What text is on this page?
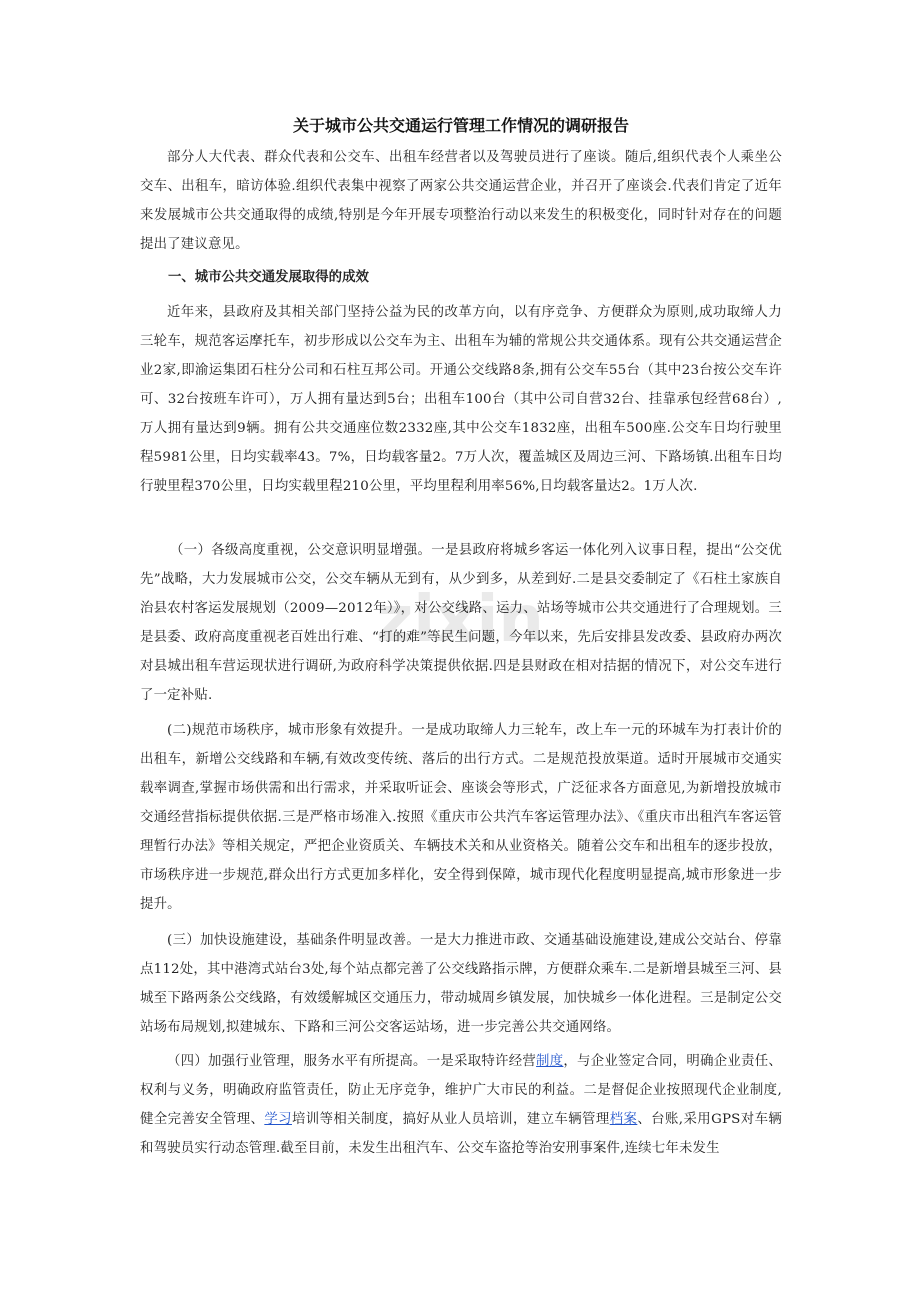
关于城市公共交通运行管理工作情况的调研报告

部分人大代表、群众代表和公交车、出租车经营者以及驾驶员进行了座谈。随后,组织代表个人乘坐公交车、出租车，暗访体验.组织代表集中视察了两家公共交通运营企业，并召开了座谈会.代表们肯定了近年来发展城市公共交通取得的成绩,特别是今年开展专项整治行动以来发生的积极变化，同时针对存在的问题提出了建议意见。

一、城市公共交通发展取得的成效

近年来，县政府及其相关部门坚持公益为民的改革方向，以有序竞争、方便群众为原则,成功取缔人力三轮车，规范客运摩托车，初步形成以公交车为主、出租车为辅的常规公共交通体系。现有公共交通运营企业2家,即渝运集团石柱分公司和石柱互邦公司。开通公交线路8条,拥有公交车55台（其中23台按公交车许可、32台按班车许可），万人拥有量达到5台；出租车100台（其中公司自营32台、挂靠承包经营68台）,万人拥有量达到9辆。拥有公共交通座位数2332座,其中公交车1832座，出租车500座.公交车日均行驶里程5981公里，日均实载率43。7%，日均载客量2。7万人次，覆盖城区及周边三河、下路场镇.出租车日均行驶里程370公里，日均实载里程210公里，平均里程利用率56%,日均载客量达2。1万人次.

（一）各级高度重视，公交意识明显增强。一是县政府将城乡客运一体化列入议事日程，提出“公交优先”战略，大力发展城市公交，公交车辆从无到有，从少到多，从差到好.二是县交委制定了《石柱土家族自治县农村客运发展规划（2009—2012年）》，对公交线路、运力、站场等城市公共交通进行了合理规划。三是县委、政府高度重视老百姓出行难、“打的难”等民生问题，今年以来，先后安排县发改委、县政府办两次对县城出租车营运现状进行调研,为政府科学决策提供依据.四是县财政在相对拮据的情况下，对公交车进行了一定补贴.

(二)规范市场秩序，城市形象有效提升。一是成功取缔人力三轮车，改上车一元的环城车为打表计价的出租车，新增公交线路和车辆,有效改变传统、落后的出行方式。二是规范投放渠道。适时开展城市交通实载率调查,掌握市场供需和出行需求，并采取听证会、座谈会等形式，广泛征求各方面意见,为新增投放城市交通经营指标提供依据.三是严格市场准入.按照《重庆市公共汽车客运管理办法》、《重庆市出租汽车客运管理暂行办法》等相关规定，严把企业资质关、车辆技术关和从业资格关。随着公交车和出租车的逐步投放，市场秩序进一步规范,群众出行方式更加多样化，安全得到保障，城市现代化程度明显提高,城市形象进一步提升。

(三）加快设施建设，基础条件明显改善。一是大力推进市政、交通基础设施建设,建成公交站台、停靠点112处，其中港湾式站台3处,每个站点都完善了公交线路指示牌，方便群众乘车.二是新增县城至三河、县城至下路两条公交线路，有效缓解城区交通压力，带动城周乡镇发展，加快城乡一体化进程。三是制定公交站场布局规划,拟建城东、下路和三河公交客运站场，进一步完善公共交通网络。

（四）加强行业管理，服务水平有所提高。一是采取特许经营制度，与企业签定合同，明确企业责任、权利与义务，明确政府监管责任，防止无序竞争，维护广大市民的利益。二是督促企业按照现代企业制度,健全完善安全管理、学习培训等相关制度，搞好从业人员培训，建立车辆管理档案、台账,采用GPS对车辆和驾驶员实行动态管理.截至目前，未发生出租汽车、公交车盗抢等治安刑事案件,连续七年未发生

zixin
